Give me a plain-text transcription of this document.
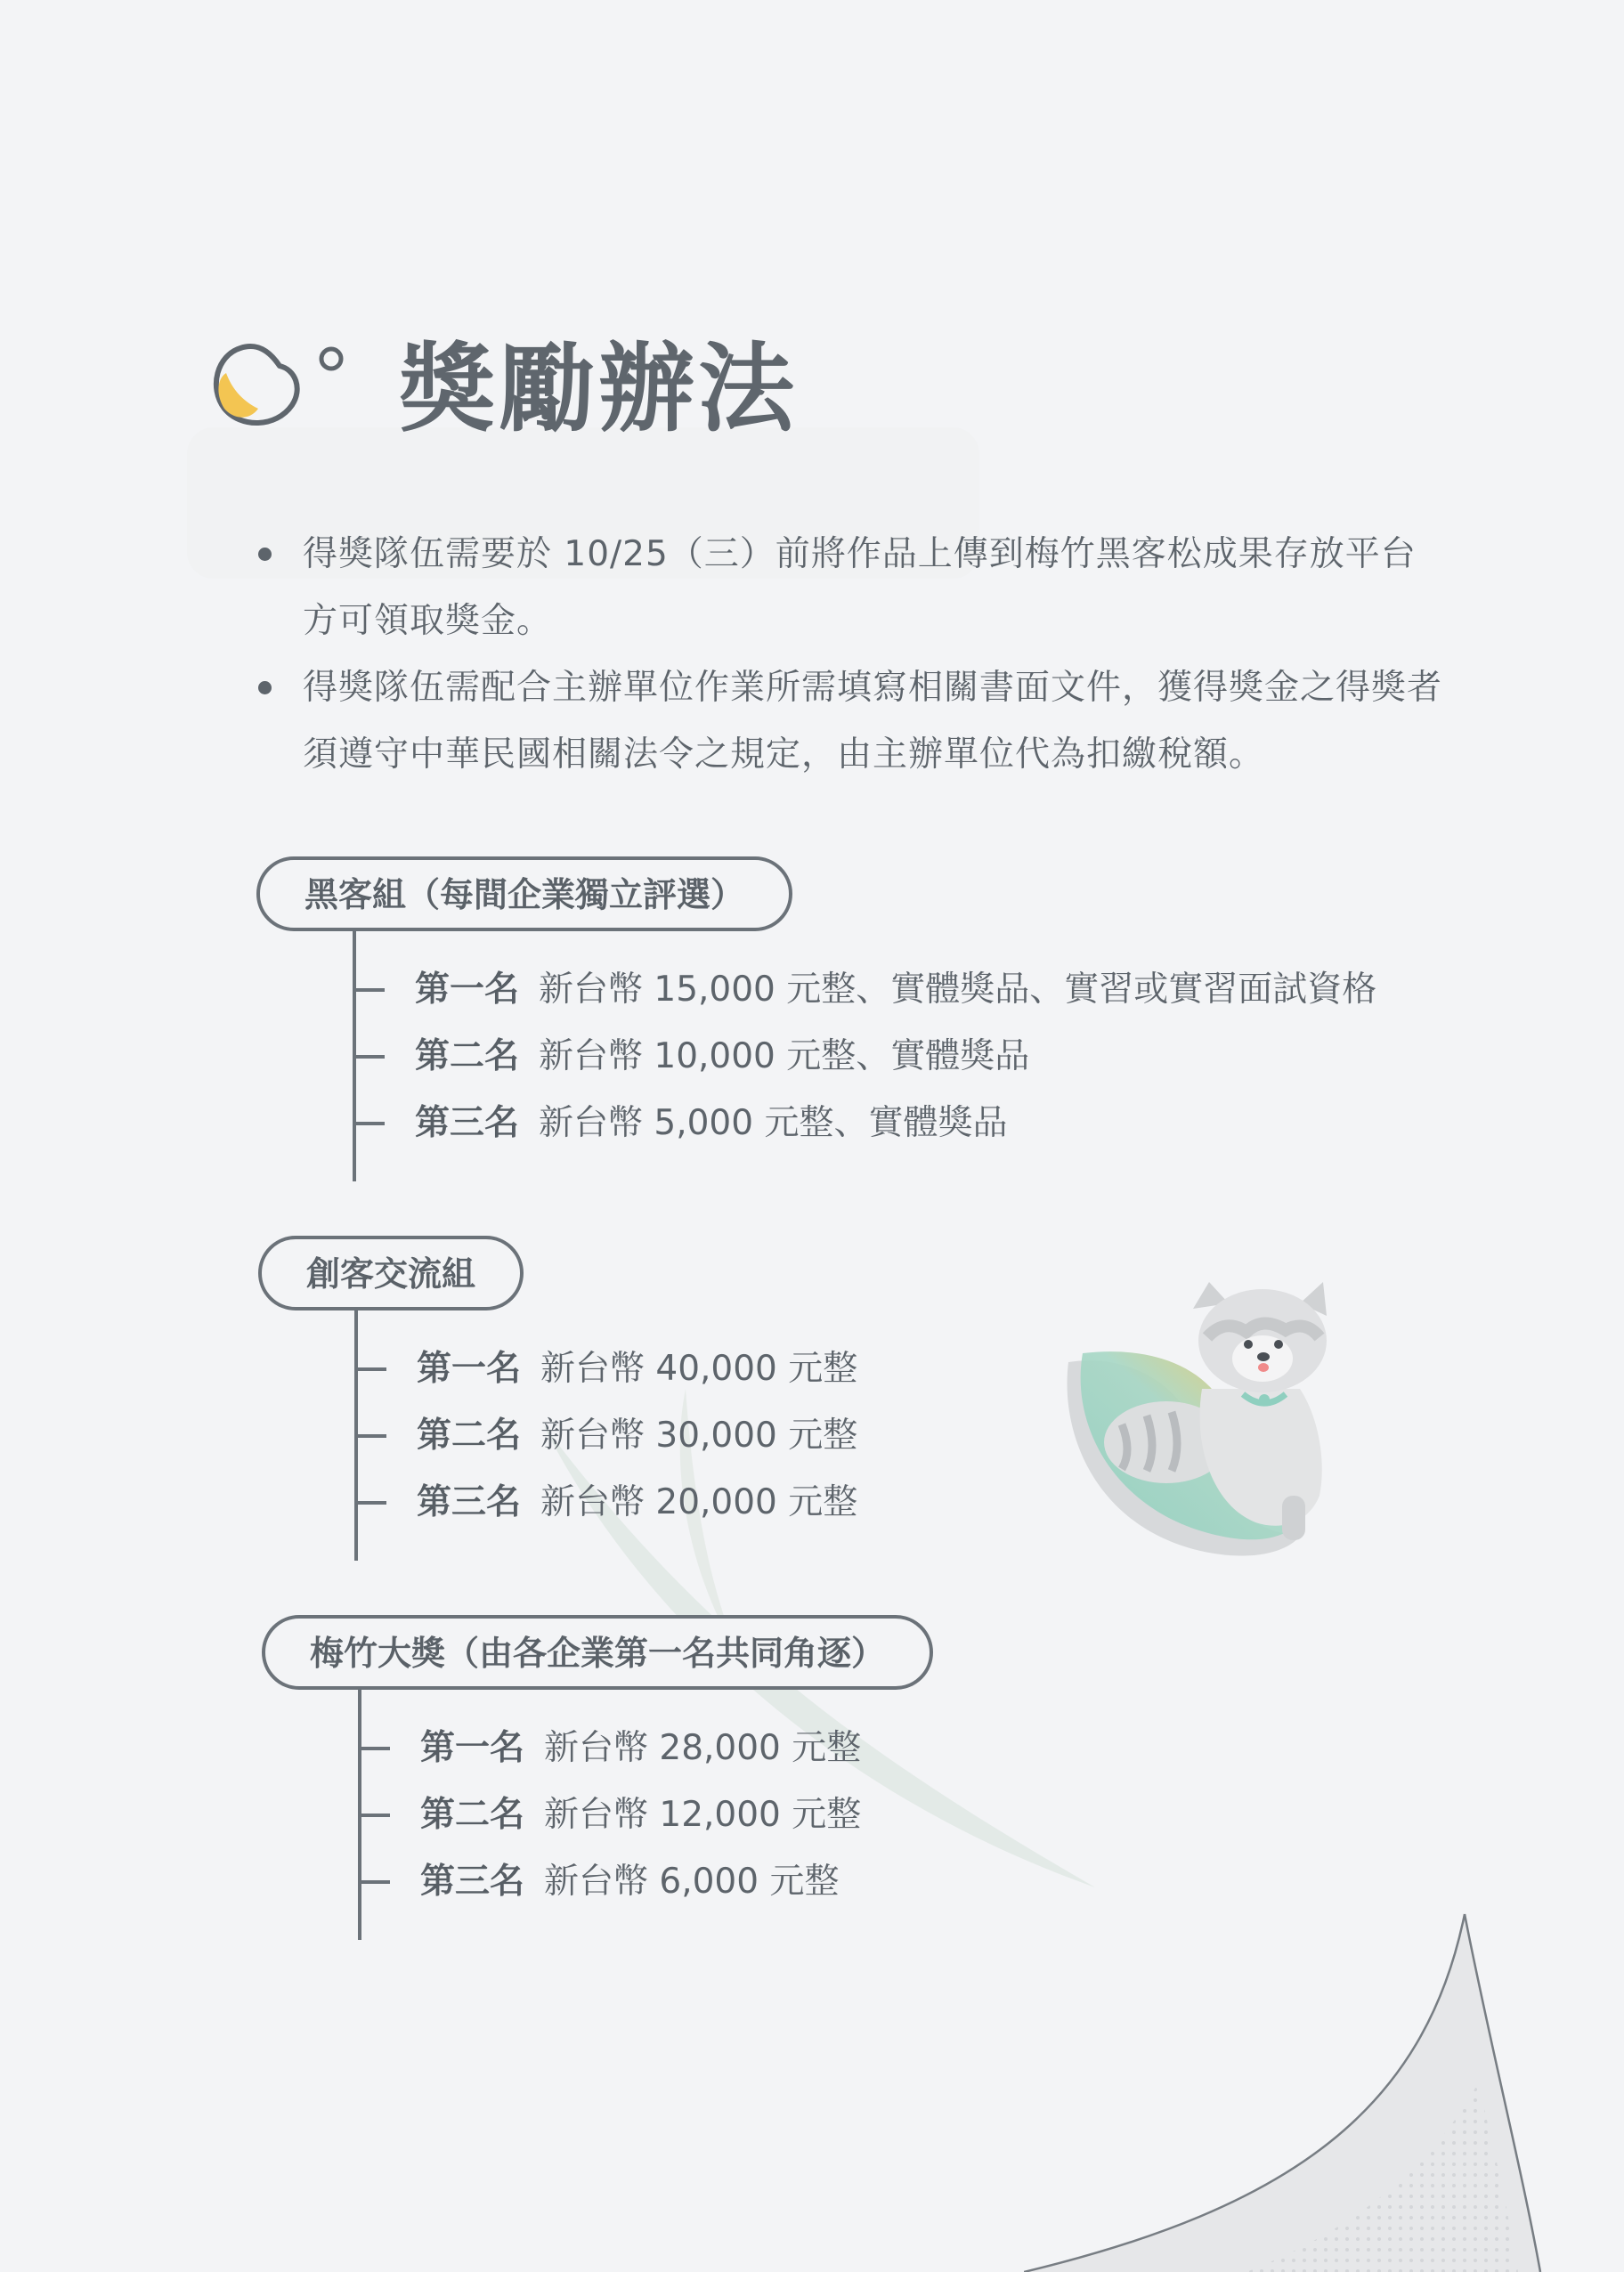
獎勵辦法
得獎隊伍需要於 10/25（三）前將作品上傳到梅竹黑客松成果存放平台方可領取獎金。
得獎隊伍需配合主辦單位作業所需填寫相關書面文件，獲得獎金之得獎者須遵守中華民國相關法令之規定，由主辦單位代為扣繳稅額。
黑客組（每間企業獨立評選）
第一名 新台幣 15,000 元整、實體獎品、實習或實習面試資格
第二名 新台幣 10,000 元整、實體獎品
第三名 新台幣 5,000 元整、實體獎品
創客交流組
第一名 新台幣 40,000 元整
第二名 新台幣 30,000 元整
第三名 新台幣 20,000 元整
梅竹大獎（由各企業第一名共同角逐）
第一名 新台幣 28,000 元整
第二名 新台幣 12,000 元整
第三名 新台幣 6,000 元整
